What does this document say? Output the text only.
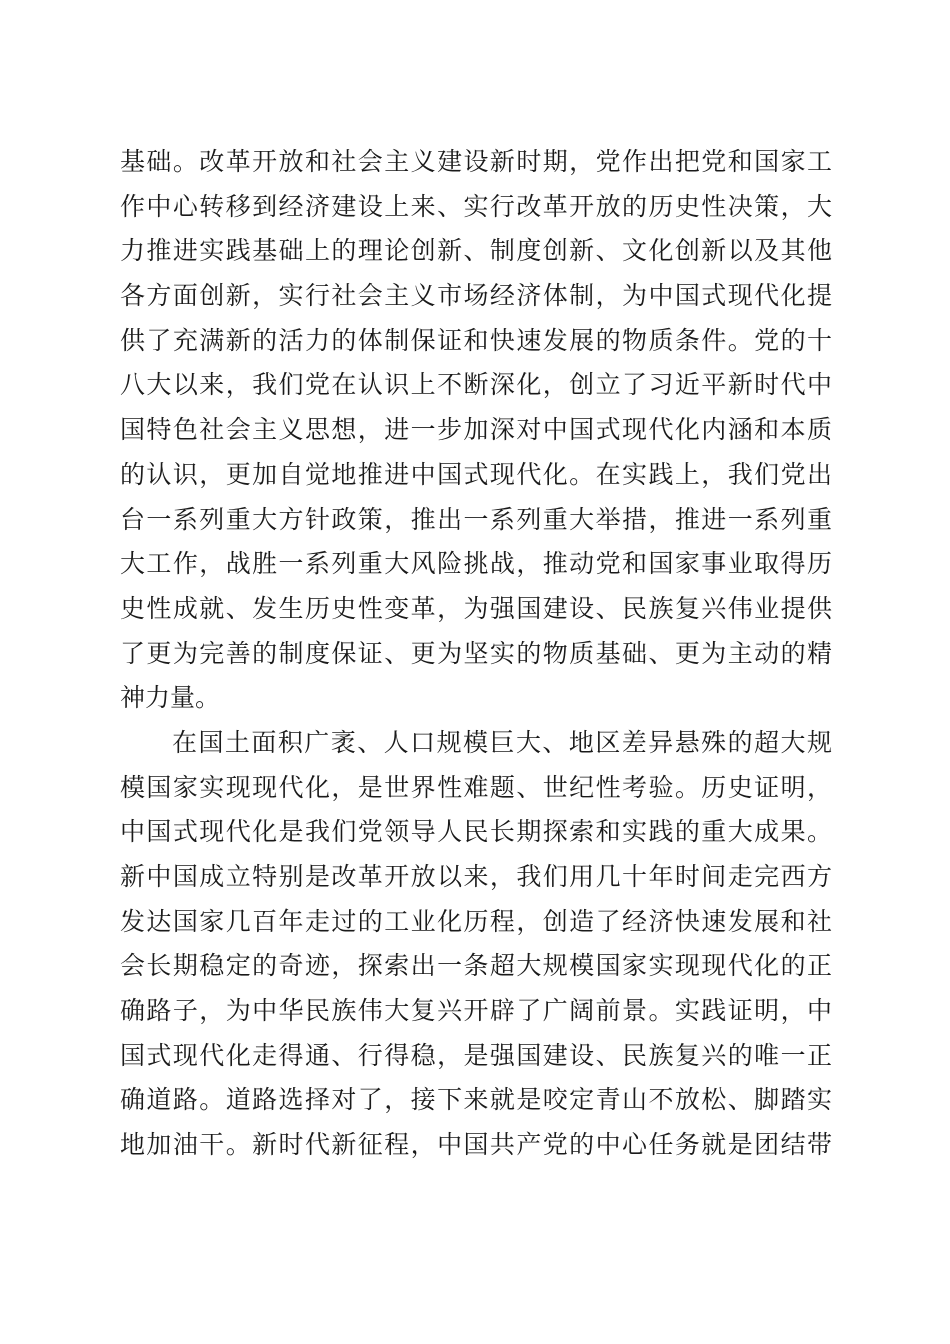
基础。改革开放和社会主义建设新时期，党作出把党和国家工
作中心转移到经济建设上来、实行改革开放的历史性决策，大
力推进实践基础上的理论创新、制度创新、文化创新以及其他
各方面创新，实行社会主义市场经济体制，为中国式现代化提
供了充满新的活力的体制保证和快速发展的物质条件。党的十
八大以来，我们党在认识上不断深化，创立了习近平新时代中
国特色社会主义思想，进一步加深对中国式现代化内涵和本质
的认识，更加自觉地推进中国式现代化。在实践上，我们党出
台一系列重大方针政策，推出一系列重大举措，推进一系列重
大工作，战胜一系列重大风险挑战，推动党和国家事业取得历
史性成就、发生历史性变革，为强国建设、民族复兴伟业提供
了更为完善的制度保证、更为坚实的物质基础、更为主动的精
神力量。
在国土面积广袤、人口规模巨大、地区差异悬殊的超大规
模国家实现现代化，是世界性难题、世纪性考验。历史证明，
中国式现代化是我们党领导人民长期探索和实践的重大成果。
新中国成立特别是改革开放以来，我们用几十年时间走完西方
发达国家几百年走过的工业化历程，创造了经济快速发展和社
会长期稳定的奇迹，探索出一条超大规模国家实现现代化的正
确路子，为中华民族伟大复兴开辟了广阔前景。实践证明，中
国式现代化走得通、行得稳，是强国建设、民族复兴的唯一正
确道路。道路选择对了，接下来就是咬定青山不放松、脚踏实
地加油干。新时代新征程，中国共产党的中心任务就是团结带
